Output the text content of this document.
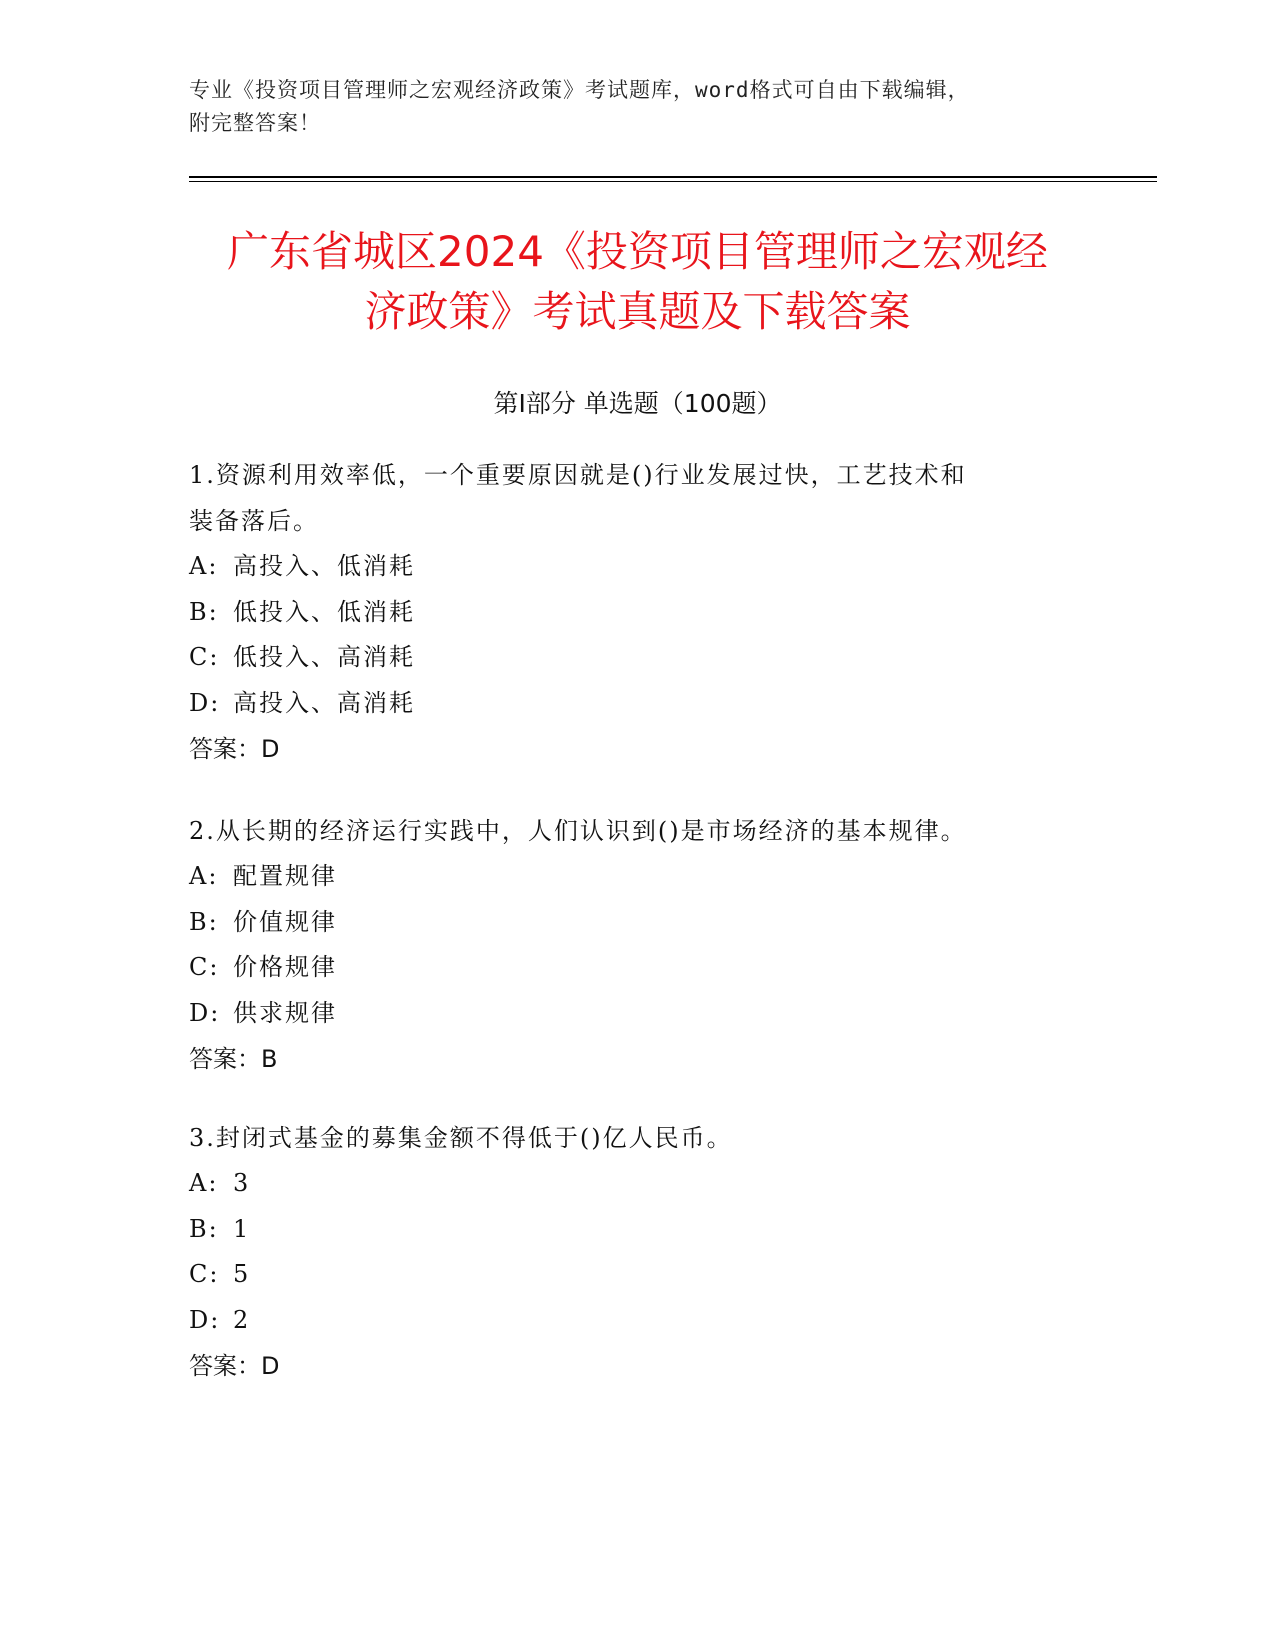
专业《投资项目管理师之宏观经济政策》考试题库，word格式可自由下载编辑，
附完整答案！
广东省城区2024《投资项目管理师之宏观经
济政策》考试真题及下载答案
第Ⅰ部分 单选题（100题）
1.资源利用效率低，一个重要原因就是()行业发展过快，工艺技术和
装备落后。
A: 高投入、低消耗
B: 低投入、低消耗
C: 低投入、高消耗
D: 高投入、高消耗
答案：D
2.从长期的经济运行实践中，人们认识到()是市场经济的基本规律。
A: 配置规律
B: 价值规律
C: 价格规律
D: 供求规律
答案：B
3.封闭式基金的募集金额不得低于()亿人民币。
A: 3
B: 1
C: 5
D: 2
答案：D
